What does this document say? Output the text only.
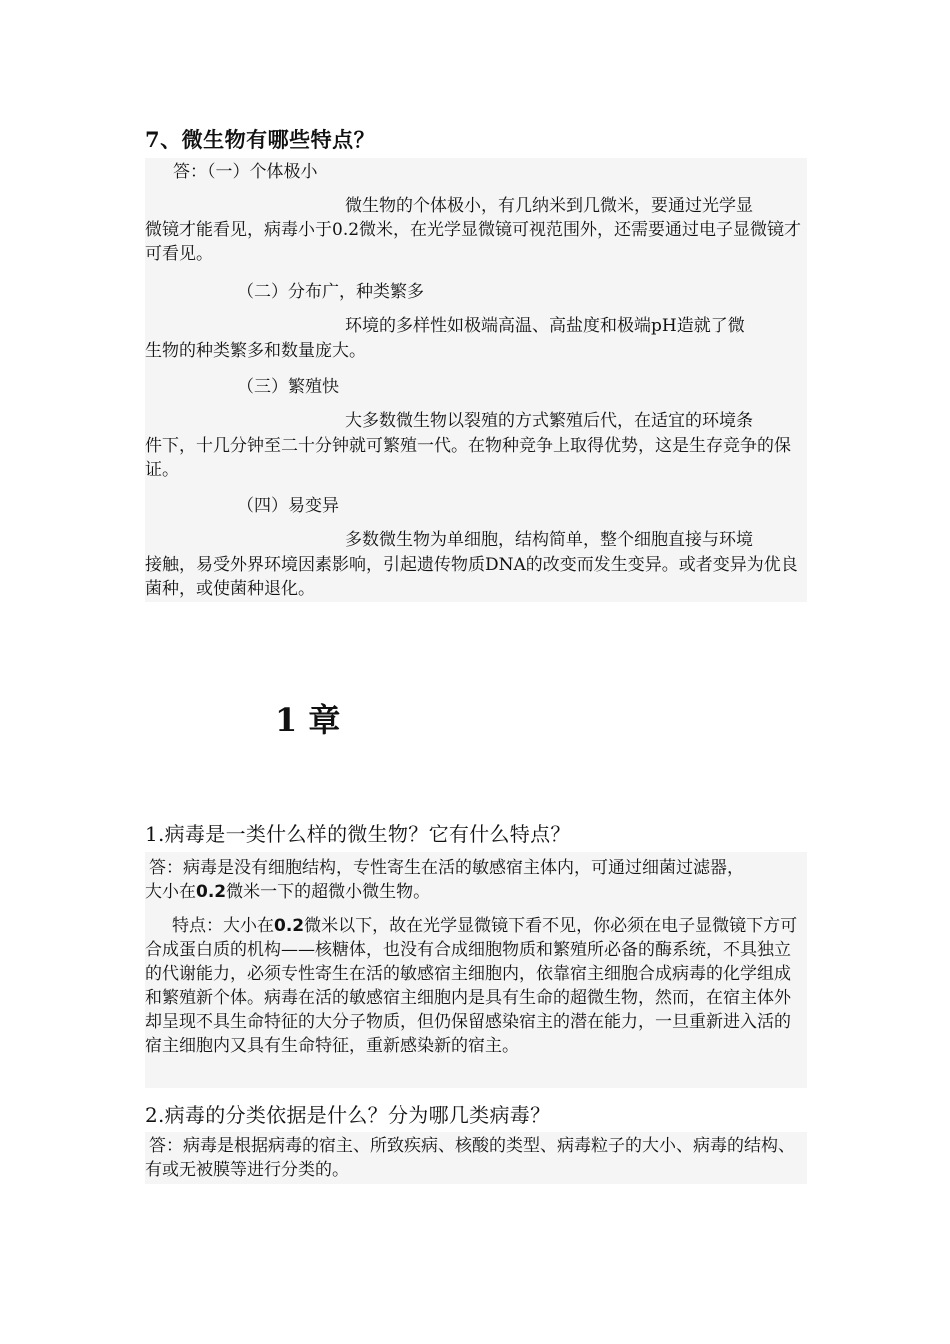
7、微生物有哪些特点？
答：（一）个体极小
微生物的个体极小，有几纳米到几微米，要通过光学显
微镜才能看见，病毒小于0.2微米，在光学显微镜可视范围外，还需要通过电子显微镜才可看见。
（二）分布广，种类繁多
环境的多样性如极端高温、高盐度和极端pH造就了微
生物的种类繁多和数量庞大。
（三）繁殖快
大多数微生物以裂殖的方式繁殖后代，在适宜的环境条
件下，十几分钟至二十分钟就可繁殖一代。在物种竞争上取得优势，这是生存竞争的保证。
（四）易变异
多数微生物为单细胞，结构简单，整个细胞直接与环境
接触，易受外界环境因素影响，引起遗传物质DNA的改变而发生变异。或者变异为优良菌种，或使菌种退化。
1 章
1.病毒是一类什么样的微生物？它有什么特点？
答：病毒是没有细胞结构，专性寄生在活的敏感宿主体内，可通过细菌过滤器，
大小在0.2微米一下的超微小微生物。
特点：大小在0.2微米以下，故在光学显微镜下看不见，你必须在电子显微镜下方可合成蛋白质的机构——核糖体，也没有合成细胞物质和繁殖所必备的酶系统，不具独立的代谢能力，必须专性寄生在活的敏感宿主细胞内，依靠宿主细胞合成病毒的化学组成和繁殖新个体。病毒在活的敏感宿主细胞内是具有生命的超微生物，然而，在宿主体外却呈现不具生命特征的大分子物质，但仍保留感染宿主的潜在能力，一旦重新进入活的宿主细胞内又具有生命特征，重新感染新的宿主。
2.病毒的分类依据是什么？分为哪几类病毒？
答：病毒是根据病毒的宿主、所致疾病、核酸的类型、病毒粒子的大小、病毒的结构、有或无被膜等进行分类的。
